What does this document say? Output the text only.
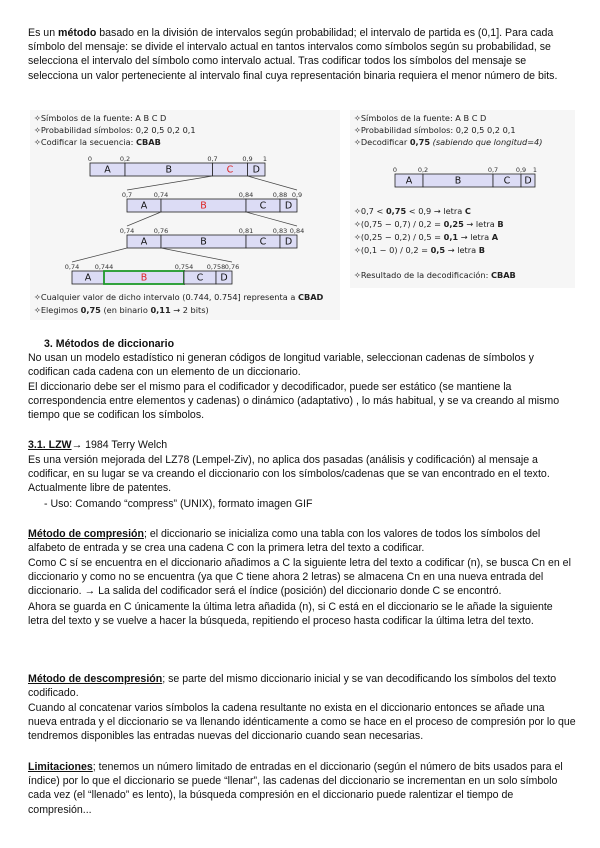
Es un método basado en la división de intervalos según probabilidad; el intervalo de partida es (0,1]. Para cada símbolo del mensaje: se divide el intervalo actual en tantos intervalos como símbolos según su probabilidad, se selecciona el intervalo del símbolo como intervalo actual. Tras codificar todos los símbolos del mensaje se selecciona un valor perteneciente al intervalo final cuya representación binaria requiera el menor número de bits.
✧Símbolos de la fuente: A B C D
✧Probabilidad símbolos: 0,2 0,5 0,2 0,1
✧Codificar la secuencia: CBAB
0	0,2	0,7	0,9 1
A	B	C D
0,7	0,74	0,84	0,88 0,9
A	B	C D
0,74	0,76	0,81	0,83 0,84
A	B	C D
0,74 0,744	0,754 0,758 0,76
A	B	C D
✧Cualquier valor de dicho intervalo (0.744, 0.754] representa a CBAD
✧Elegimos 0,75 (en binario 0,11 → 2 bits)
✧Símbolos de la fuente: A B C D
✧Probabilidad símbolos: 0,2 0,5 0,2 0,1
✧Decodificar 0,75 (sabiendo que longitud=4)
0	0,2	0,7	0,9 1
A	B	C D
✧0,7 < 0,75 < 0,9 → letra C
✧(0,75 − 0,7) / 0,2 = 0,25 → letra B
✧(0,25 − 0,2) / 0,5 = 0,1 → letra A
✧(0,1 − 0) / 0,2 = 0,5 → letra B
✧Resultado de la decodificación: CBAB
3. Métodos de diccionario
No usan un modelo estadístico ni generan códigos de longitud variable, seleccionan cadenas de símbolos y codifican cada cadena con un elemento de un diccionario.
El diccionario debe ser el mismo para el codificador y decodificador, puede ser estático (se mantiene la correspondencia entre elementos y cadenas) o dinámico (adaptativo) , lo más habitual, y se va creando al mismo tiempo que se codifican los símbolos.
3.1. LZW→ 1984 Terry Welch
Es una versión mejorada del LZ78 (Lempel-Ziv), no aplica dos pasadas (análisis y codificación) al mensaje a codificar, en su lugar se va creando el diccionario con los símbolos/cadenas que se van encontrado en el texto. Actualmente libre de patentes.
- Uso: Comando “compress” (UNIX), formato imagen GIF
Método de compresión; el diccionario se inicializa como una tabla con los valores de todos los símbolos del alfabeto de entrada y se crea una cadena C con la primera letra del texto a codificar.
Como C sí se encuentra en el diccionario añadimos a C la siguiente letra del texto a codificar (n), se busca Cn en el diccionario y como no se encuentra (ya que C tiene ahora 2 letras) se almacena Cn en una nueva entrada del diccionario. → La salida del codificador será el índice (posición) del diccionario donde C se encontró.
Ahora se guarda en C únicamente la última letra añadida (n), si C está en el diccionario se le añade la siguiente letra del texto y se vuelve a hacer la búsqueda, repitiendo el proceso hasta codificar la última letra del texto.
Método de descompresión; se parte del mismo diccionario inicial y se van decodificando los símbolos del texto codificado.
Cuando al concatenar varios símbolos la cadena resultante no exista en el diccionario entonces se añade una nueva entrada y el diccionario se va llenando idénticamente a como se hace en el proceso de compresión por lo que tendremos disponibles las entradas nuevas del diccionario cuando sean necesarias.
Limitaciones; tenemos un número limitado de entradas en el diccionario (según el número de bits usados para el índice) por lo que el diccionario se puede “llenar”, las cadenas del diccionario se incrementan en un solo símbolo cada vez (el “llenado” es lento), la búsqueda compresión en el diccionario puede ralentizar el tiempo de compresión...
